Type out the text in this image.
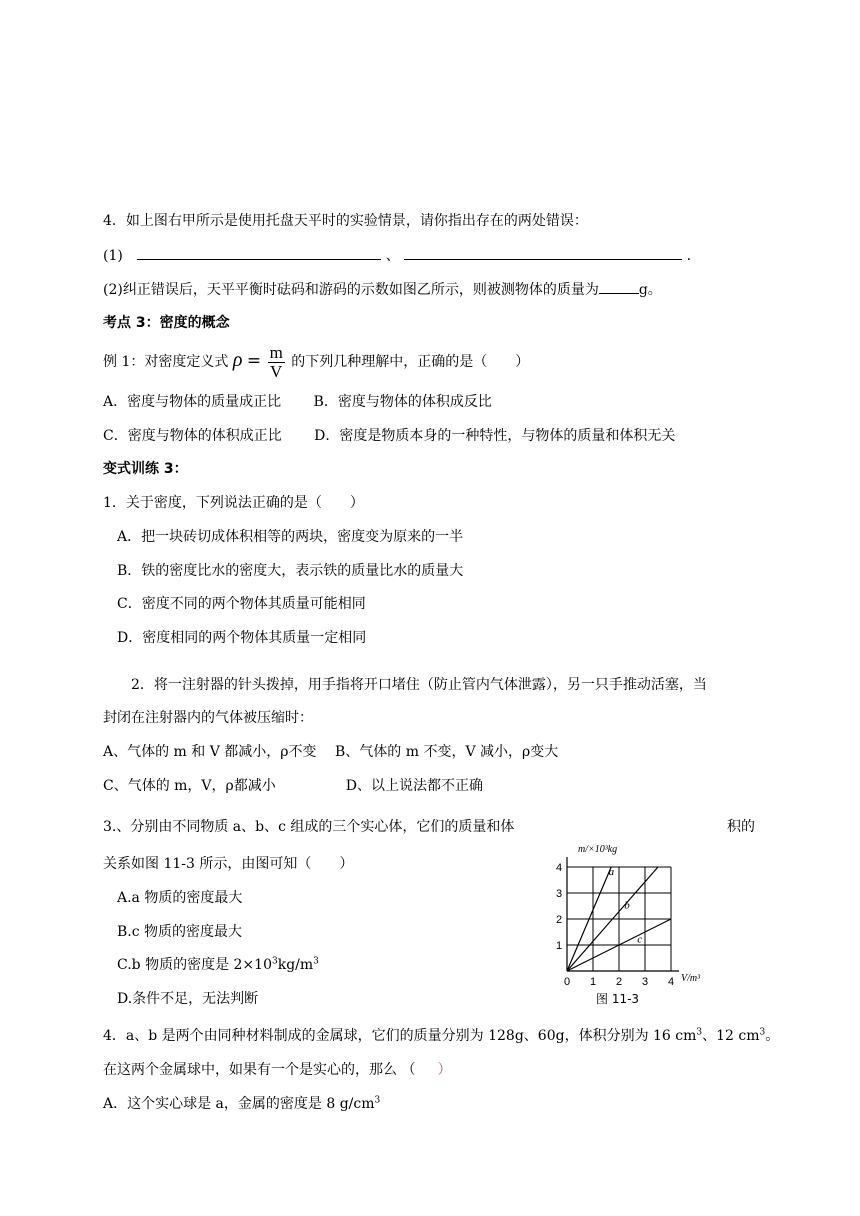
4．如上图右甲所示是使用托盘天平时的实验情景，请你指出存在的两处错误：
(1)	、	.
(2)纠正错误后，天平平衡时砝码和游码的示数如图乙所示，则被测物体的质量为	g。
考点 3：密度的概念
例 1：对密度定义式 $\rho = \frac{m}{V}$ 的下列几种理解中，正确的是（　　）
A．密度与物体的质量成正比　　 B．密度与物体的体积成反比
C．密度与物体的体积成正比　　 D．密度是物质本身的一种特性，与物体的质量和体积无关
变式训练 3：
1．关于密度，下列说法正确的是（　　）
A．把一块砖切成体积相等的两块，密度变为原来的一半
B．铁的密度比水的密度大，表示铁的质量比水的质量大
C．密度不同的两个物体其质量可能相同
D．密度相同的两个物体其质量一定相同
2．将一注射器的针头拨掉，用手指将开口堵住（防止管内气体泄露），另一只手推动活塞，当
封闭在注射器内的气体被压缩时：
A、气体的 m 和 V 都减小，ρ不变　 B、气体的 m 不变，V 减小，ρ变大
C、气体的 m，V，ρ都减小　　　　　D、以上说法都不正确
3.、分别由不同物质 a、b、c 组成的三个实心体，它们的质量和体	积的
关系如图 11-3 所示，由图可知（　　）
A.a 物质的密度最大
B.c 物质的密度最大
C.b 物质的密度是 $2\times 10^3kg/m^3$
D.条件不足，无法判断
a
b
c
0 1 2 3 4
1
2
3
4
m/×10³kg
V/m³
图 11-3
4．a、b 是两个由同种材料制成的金属球，它们的质量分别为 128g、60g，体积分别为 16 $cm^3$、12 $cm^3$。
在这两个金属球中，如果有一个是实心的，那么 （ ）
A．这个实心球是 a，金属的密度是 8 $g/cm^3$
